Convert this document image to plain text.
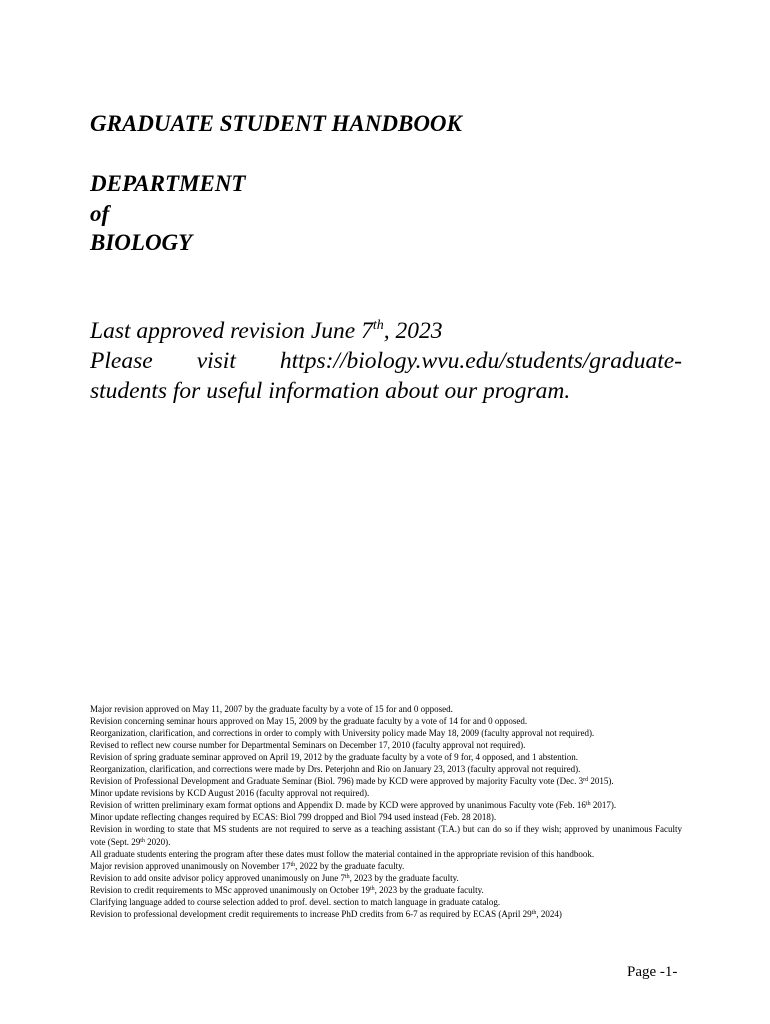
GRADUATE STUDENT HANDBOOK
DEPARTMENT
of
BIOLOGY
Last approved revision June 7th, 2023
Please visit https://biology.wvu.edu/students/graduate-
students for useful information about our program.
Major revision approved on May 11, 2007 by the graduate faculty by a vote of 15 for and 0 opposed.
Revision concerning seminar hours approved on May 15, 2009 by the graduate faculty by a vote of 14 for and 0 opposed.
Reorganization, clarification, and corrections in order to comply with University policy made May 18, 2009 (faculty approval not required).
Revised to reflect new course number for Departmental Seminars on December 17, 2010 (faculty approval not required).
Revision of spring graduate seminar approved on April 19, 2012 by the graduate faculty by a vote of 9 for, 4 opposed, and 1 abstention.
Reorganization, clarification, and corrections were made by Drs. Peterjohn and Rio on January 23, 2013 (faculty approval not required).
Revision of Professional Development and Graduate Seminar (Biol. 796) made by KCD were approved by majority Faculty vote (Dec. 3rd 2015).
Minor update revisions by KCD August 2016 (faculty approval not required).
Revision of written preliminary exam format options and Appendix D. made by KCD were approved by unanimous Faculty vote (Feb. 16th 2017).
Minor update reflecting changes required by ECAS: Biol 799 dropped and Biol 794 used instead (Feb. 28 2018).
Revision in wording to state that MS students are not required to serve as a teaching assistant (T.A.) but can do so if they wish; approved by unanimous Faculty vote (Sept. 29th 2020).
All graduate students entering the program after these dates must follow the material contained in the appropriate revision of this handbook.
Major revision approved unanimously on November 17th, 2022 by the graduate faculty.
Revision to add onsite advisor policy approved unanimously on June 7th, 2023 by the graduate faculty.
Revision to credit requirements to MSc approved unanimously on October 19th, 2023 by the graduate faculty.
Clarifying language added to course selection added to prof. devel. section to match language in graduate catalog.
Revision to professional development credit requirements to increase PhD credits from 6-7 as required by ECAS (April 29th, 2024)
Page -1-
